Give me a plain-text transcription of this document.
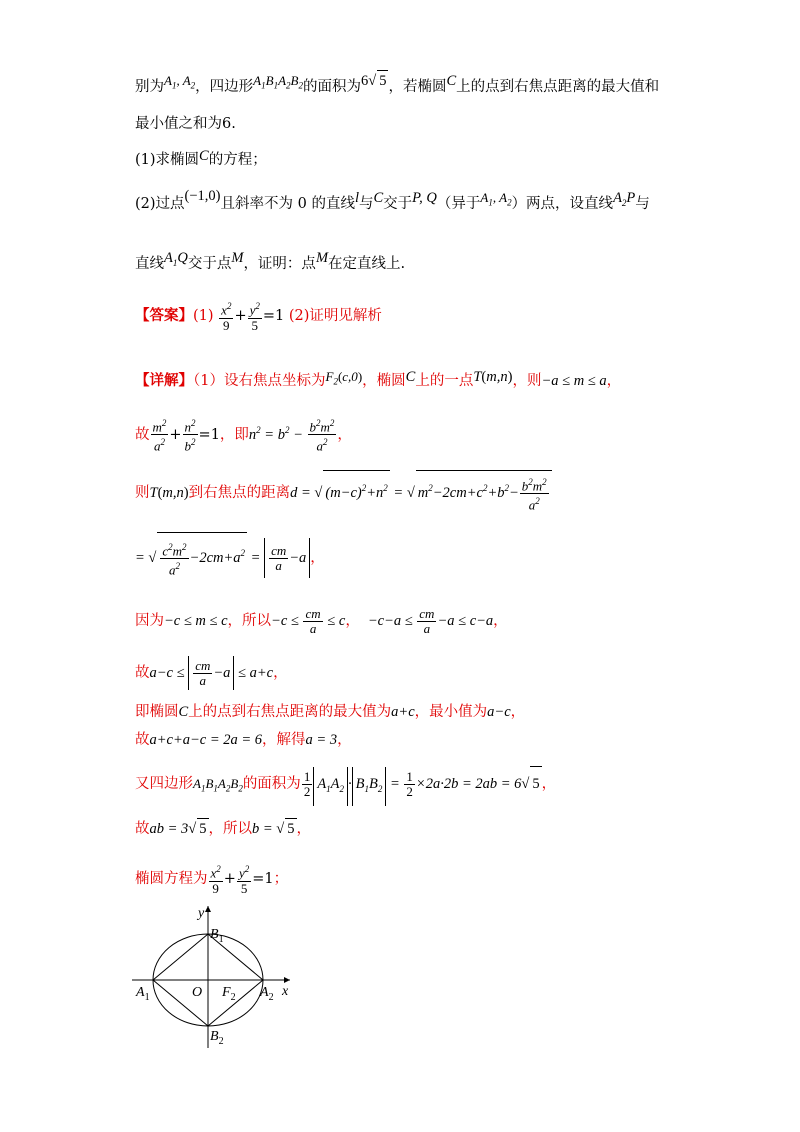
别为$A_1$, $A_2$，四边形$A_1B_1A_2B_2$的面积为6√ 5 ，若椭圆C上的点到右焦点距离的最大值和
最小值之和为6.
(1)求椭圆C的方程；
(2)过点(−1,0)且斜率不为 0 的直线l与C交于P, Q（异于$A_1$, $A_2$）两点，设直线$A_2P$与
直线$A_1Q$交于点M，证明：点M在定直线上.
【答案】$(1) \frac{x^2}{9} + \frac{y^2}{5} =1$ (2)证明见解析
【详解】（1）设右焦点坐标为$F_2(c,0)$，椭圆C上的一点T(m,n)，则−a ≤ m ≤ a，
故 $\frac{m^2}{a^2} + \frac{n^2}{b^2} =1$，即$n^2 = b^2 - \frac{b^2m^2}{a^2}$ ，
则T(m,n)到右焦点的距离d = √ $(m-c)^2+n^2$ = √ $m^2-2cm+c^2+b^2- \frac{b^2m^2}{a^2}$
= √ $\frac{c^2m^2}{a^2} -2cm+a^2 = \frac{cm}{a} -a$ ，
因为−c ≤ m ≤ c，所以$-c \le \frac{cm}{a} \le c$， $-c-a \le \frac{cm}{a} -a \le c-a$，
故$a-c \le \frac{cm}{a} -a \le a+c$，
即椭圆C上的点到右焦点距离的最大值为a+c，最小值为a−c，
故a+c+a−c = 2a = 6，解得a = 3，
又四边形$A_1B_1A_2B_2$的面积为 $\frac{1}{2} A_1A_2 \cdot B_1B_2 = \frac{1}{2} \times 2a\cdot 2b = 2ab = 6√$ 5 ，
故ab = 3√ 5 ，所以b = √ 5 ，
椭圆方程为 $\frac{x^2}{9} + \frac{y^2}{5} =1$；
y
x
O
$B_1$
$B_2$
$A_1$	$A_2$
$F_2$
